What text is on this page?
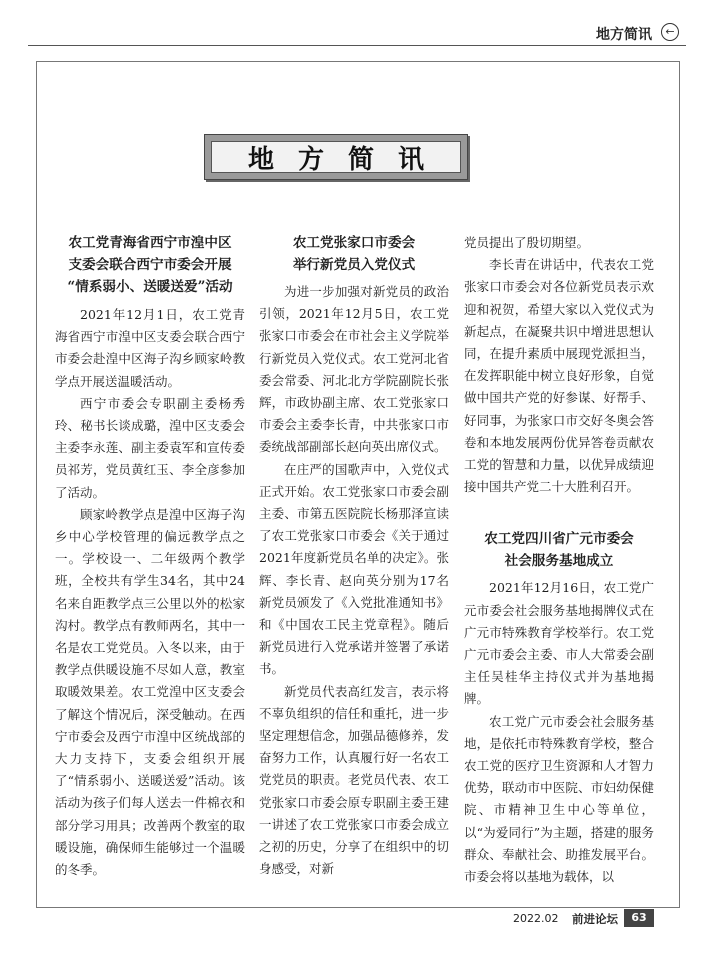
地方简讯	←
地方简讯
农工党青海省西宁市湟中区
支委会联合西宁市委会开展
“情系弱小、送暖送爱”活动

2021年12月1日，农工党青海省西宁市湟中区支委会联合西宁市委会赴湟中区海子沟乡顾家岭教学点开展送温暖活动。

西宁市委会专职副主委杨秀玲、秘书长谈成璐，湟中区支委会主委李永莲、副主委袁军和宣传委员祁芳，党员黄红玉、李全彦参加了活动。

顾家岭教学点是湟中区海子沟乡中心学校管理的偏远教学点之一。学校设一、二年级两个教学班，全校共有学生34名，其中24名来自距教学点三公里以外的松家沟村。教学点有教师两名，其中一名是农工党党员。入冬以来，由于教学点供暖设施不尽如人意，教室取暖效果差。农工党湟中区支委会了解这个情况后，深受触动。在西宁市委会及西宁市湟中区统战部的大力支持下，支委会组织开展了“情系弱小、送暖送爱”活动。该活动为孩子们每人送去一件棉衣和部分学习用具；改善两个教室的取暖设施，确保师生能够过一个温暖的冬季。

农工党张家口市委会
举行新党员入党仪式

为进一步加强对新党员的政治引领，2021年12月5日，农工党张家口市委会在市社会主义学院举行新党员入党仪式。农工党河北省委会常委、河北北方学院副院长张辉，市政协副主席、农工党张家口市委会主委李长青，中共张家口市委统战部副部长赵向英出席仪式。

在庄严的国歌声中，入党仪式正式开始。农工党张家口市委会副主委、市第五医院院长杨那泽宣读了农工党张家口市委会《关于通过2021年度新党员名单的决定》。张辉、李长青、赵向英分别为17名新党员颁发了《入党批准通知书》和《中国农工民主党章程》。随后新党员进行入党承诺并签署了承诺书。

新党员代表高红发言，表示将不辜负组织的信任和重托，进一步坚定理想信念，加强品德修养，发奋努力工作，认真履行好一名农工党党员的职责。老党员代表、农工党张家口市委会原专职副主委王建一讲述了农工党张家口市委会成立之初的历史，分享了在组织中的切身感受，对新

党员提出了殷切期望。

李长青在讲话中，代表农工党张家口市委会对各位新党员表示欢迎和祝贺，希望大家以入党仪式为新起点，在凝聚共识中增进思想认同，在提升素质中展现党派担当，在发挥职能中树立良好形象，自觉做中国共产党的好参谋、好帮手、好同事，为张家口市交好冬奥会答卷和本地发展两份优异答卷贡献农工党的智慧和力量，以优异成绩迎接中国共产党二十大胜利召开。

农工党四川省广元市委会
社会服务基地成立

2021年12月16日，农工党广元市委会社会服务基地揭牌仪式在广元市特殊教育学校举行。农工党广元市委会主委、市人大常委会副主任吴桂华主持仪式并为基地揭牌。

农工党广元市委会社会服务基地，是依托市特殊教育学校，整合农工党的医疗卫生资源和人才智力优势，联动市中医院、市妇幼保健院、市精神卫生中心等单位，以“为爱同行”为主题，搭建的服务群众、奉献社会、助推发展平台。市委会将以基地为载体，以

2022.02 前进论坛	63
